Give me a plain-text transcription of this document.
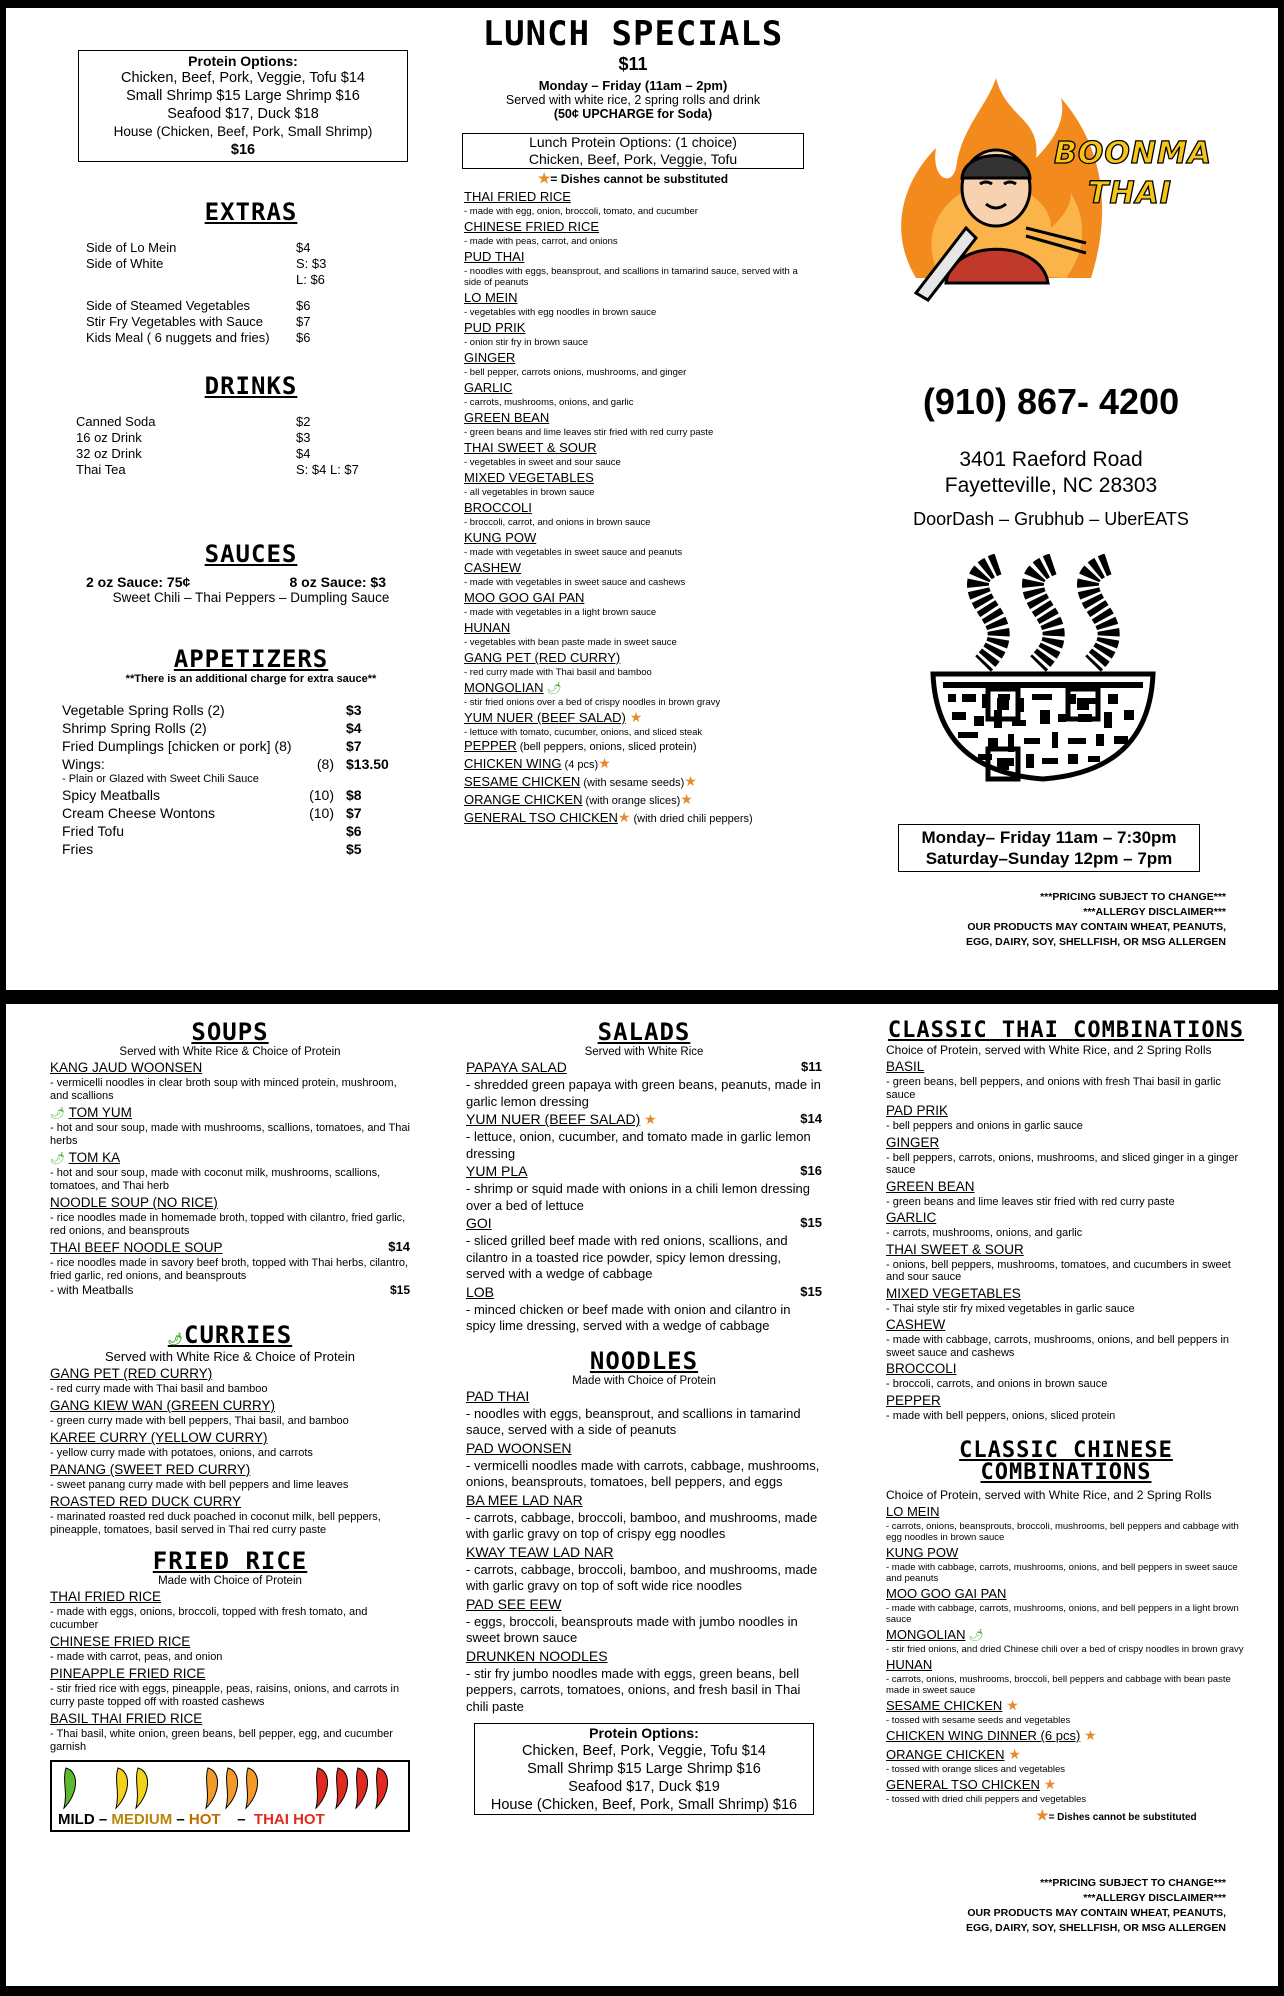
Protein Options:
Chicken, Beef, Pork, Veggie, Tofu $14
Small Shrimp $15 Large Shrimp $16
Seafood $17, Duck $18
House (Chicken, Beef, Pork, Small Shrimp)
$16
EXTRAS
Side of Lo Mein	$4
Side of White	S: $3
L: $6
Side of Steamed Vegetables	$6
Stir Fry Vegetables with Sauce	$7
Kids Meal ( 6 nuggets and fries)	$6
DRINKS
Canned Soda	$2
16 oz Drink	$3
32 oz Drink	$4
Thai Tea	S: $4 L: $7
SAUCES
2 oz Sauce: 75¢	8 oz Sauce: $3
Sweet Chili – Thai Peppers – Dumpling Sauce
APPETIZERS
**There is an additional charge for extra sauce**
Vegetable Spring Rolls (2)	$3
Shrimp Spring Rolls (2)	$4
Fried Dumplings [chicken or pork] (8)	$7
Wings:	(8) $13.50
- Plain or Glazed with Sweet Chili Sauce
Spicy Meatballs	(10) $8
Cream Cheese Wontons	(10) $7
Fried Tofu	$6
Fries	$5
LUNCH SPECIALS
$11
Monday – Friday (11am – 2pm)
Served with white rice, 2 spring rolls and drink
(50¢ UPCHARGE for Soda)
Lunch Protein Options: (1 choice)
Chicken, Beef, Pork, Veggie, Tofu
★= Dishes cannot be substituted
THAI FRIED RICE
- made with egg, onion, broccoli, tomato, and cucumber
CHINESE FRIED RICE
- made with peas, carrot, and onions
PUD THAI
- noodles with eggs, beansprout, and scallions in tamarind sauce, served with a side of peanuts
LO MEIN
- vegetables with egg noodles in brown sauce
PUD PRIK
- onion stir fry in brown sauce
GINGER
- bell pepper, carrots onions, mushrooms, and ginger
GARLIC
- carrots, mushrooms, onions, and garlic
GREEN BEAN
- green beans and lime leaves stir fried with red curry paste
THAI SWEET & SOUR
- vegetables in sweet and sour sauce
MIXED VEGETABLES
- all vegetables in brown sauce
BROCCOLI
- broccoli, carrot, and onions in brown sauce
KUNG POW
- made with vegetables in sweet sauce and peanuts
CASHEW
- made with vegetables in sweet sauce and cashews
MOO GOO GAI PAN
- made with vegetables in a light brown sauce
HUNAN
- vegetables with bean paste made in sweet sauce
GANG PET (RED CURRY)
- red curry made with Thai basil and bamboo
MONGOLIAN 🌶
- stir fried onions over a bed of crispy noodles in brown gravy
YUM NUER (BEEF SALAD) ★
- lettuce with tomato, cucumber, onions, and sliced steak
PEPPER (bell peppers, onions, sliced protein)
CHICKEN WING (4 pcs)★
SESAME CHICKEN (with sesame seeds)★
ORANGE CHICKEN (with orange slices)★
GENERAL TSO CHICKEN★ (with dried chili peppers)
BOONMA
THAI
(910) 867- 4200
3401 Raeford Road
Fayetteville, NC 28303
DoorDash – Grubhub – UberEATS
Monday– Friday 11am – 7:30pm
Saturday–Sunday 12pm – 7pm
***PRICING SUBJECT TO CHANGE***
***ALLERGY DISCLAIMER***
OUR PRODUCTS MAY CONTAIN WHEAT, PEANUTS,
EGG, DAIRY, SOY, SHELLFISH, OR MSG ALLERGEN
SOUPS
Served with White Rice & Choice of Protein
KANG JAUD WOONSEN
- vermicelli noodles in clear broth soup with minced protein, mushroom, and scallions
🌶 TOM YUM
- hot and sour soup, made with mushrooms, scallions, tomatoes, and Thai herbs
🌶 TOM KA
- hot and sour soup, made with coconut milk, mushrooms, scallions, tomatoes, and Thai herb
NOODLE SOUP (NO RICE)
- rice noodles made in homemade broth, topped with cilantro, fried garlic, red onions, and beansprouts
THAI BEEF NOODLE SOUP	$14
- rice noodles made in savory beef broth, topped with Thai herbs, cilantro, fried garlic, red onions, and beansprouts
- with Meatballs	$15
🌶CURRIES
Served with White Rice & Choice of Protein
GANG PET (RED CURRY)
- red curry made with Thai basil and bamboo
GANG KIEW WAN (GREEN CURRY)
- green curry made with bell peppers, Thai basil, and bamboo
KAREE CURRY (YELLOW CURRY)
- yellow curry made with potatoes, onions, and carrots
PANANG (SWEET RED CURRY)
- sweet panang curry made with bell peppers and lime leaves
ROASTED RED DUCK CURRY
- marinated roasted red duck poached in coconut milk, bell peppers, pineapple, tomatoes, basil served in Thai red curry paste
FRIED RICE
Made with Choice of Protein
THAI FRIED RICE
- made with eggs, onions, broccoli, topped with fresh tomato, and cucumber
CHINESE FRIED RICE
- made with carrot, peas, and onion
PINEAPPLE FRIED RICE
- stir fried rice with eggs, pineapple, peas, raisins, onions, and carrots in curry paste topped off with roasted cashews
BASIL THAI FRIED RICE
- Thai basil, white onion, green beans, bell pepper, egg, and cucumber garnish
MILD – MEDIUM – HOT    –  THAI HOT
SALADS
Served with White Rice
PAPAYA SALAD	$11
- shredded green papaya with green beans, peanuts, made in garlic lemon dressing
YUM NUER (BEEF SALAD) ★	$14
- lettuce, onion, cucumber, and tomato made in garlic lemon dressing
YUM PLA	$16
- shrimp or squid made with onions in a chili lemon dressing over a bed of lettuce
GOI	$15
- sliced grilled beef made with red onions, scallions, and cilantro in a toasted rice powder, spicy lemon dressing, served with a wedge of cabbage
LOB	$15
- minced chicken or beef made with onion and cilantro in spicy lime dressing, served with a wedge of cabbage
NOODLES
Made with Choice of Protein
PAD THAI
- noodles with eggs, beansprout, and scallions in tamarind sauce, served with a side of peanuts
PAD WOONSEN
- vermicelli noodles made with carrots, cabbage, mushrooms, onions, beansprouts, tomatoes, bell peppers, and eggs
BA MEE LAD NAR
- carrots, cabbage, broccoli, bamboo, and mushrooms, made with garlic gravy on top of crispy egg noodles
KWAY TEAW LAD NAR
- carrots, cabbage, broccoli, bamboo, and mushrooms, made with garlic gravy on top of soft wide rice noodles
PAD SEE EEW
- eggs, broccoli, beansprouts made with jumbo noodles in sweet brown sauce
DRUNKEN NOODLES
- stir fry jumbo noodles made with eggs, green beans, bell peppers, carrots, tomatoes, onions, and fresh basil in Thai chili paste
Protein Options:
Chicken, Beef, Pork, Veggie, Tofu $14
Small Shrimp $15 Large Shrimp $16
Seafood $17, Duck $19
House (Chicken, Beef, Pork, Small Shrimp) $16
CLASSIC THAI COMBINATIONS
Choice of Protein, served with White Rice, and 2 Spring Rolls
BASIL
- green beans, bell peppers, and onions with fresh Thai basil in garlic sauce
PAD PRIK
- bell peppers and onions in garlic sauce
GINGER
- bell peppers, carrots, onions, mushrooms, and sliced ginger in a ginger sauce
GREEN BEAN
- green beans and lime leaves stir fried with red curry paste
GARLIC
- carrots, mushrooms, onions, and garlic
THAI SWEET & SOUR
- onions, bell peppers, mushrooms, tomatoes, and cucumbers in sweet and sour sauce
MIXED VEGETABLES
- Thai style stir fry mixed vegetables in garlic sauce
CASHEW
- made with cabbage, carrots, mushrooms, onions, and bell peppers in sweet sauce and cashews
BROCCOLI
- broccoli, carrots, and onions in brown sauce
PEPPER
- made with bell peppers, onions, sliced protein
CLASSIC CHINESE
COMBINATIONS
Choice of Protein, served with White Rice, and 2 Spring Rolls
LO MEIN
- carrots, onions, beansprouts, broccoli, mushrooms, bell peppers and cabbage with egg noodles in brown sauce
KUNG POW
- made with cabbage, carrots, mushrooms, onions, and bell peppers in sweet sauce and peanuts
MOO GOO GAI PAN
- made with cabbage, carrots, mushrooms, onions, and bell peppers in a light brown sauce
MONGOLIAN 🌶
- stir fried onions, and dried Chinese chili over a bed of crispy noodles in brown gravy
HUNAN
- carrots, onions, mushrooms, broccoli, bell peppers and cabbage with bean paste made in sweet sauce
SESAME CHICKEN ★
- tossed with sesame seeds and vegetables
CHICKEN WING DINNER (6 pcs) ★
ORANGE CHICKEN ★
- tossed with orange slices and vegetables
GENERAL TSO CHICKEN ★
- tossed with dried chili peppers and vegetables
★= Dishes cannot be substituted
***PRICING SUBJECT TO CHANGE***
***ALLERGY DISCLAIMER***
OUR PRODUCTS MAY CONTAIN WHEAT, PEANUTS,
EGG, DAIRY, SOY, SHELLFISH, OR MSG ALLERGEN
